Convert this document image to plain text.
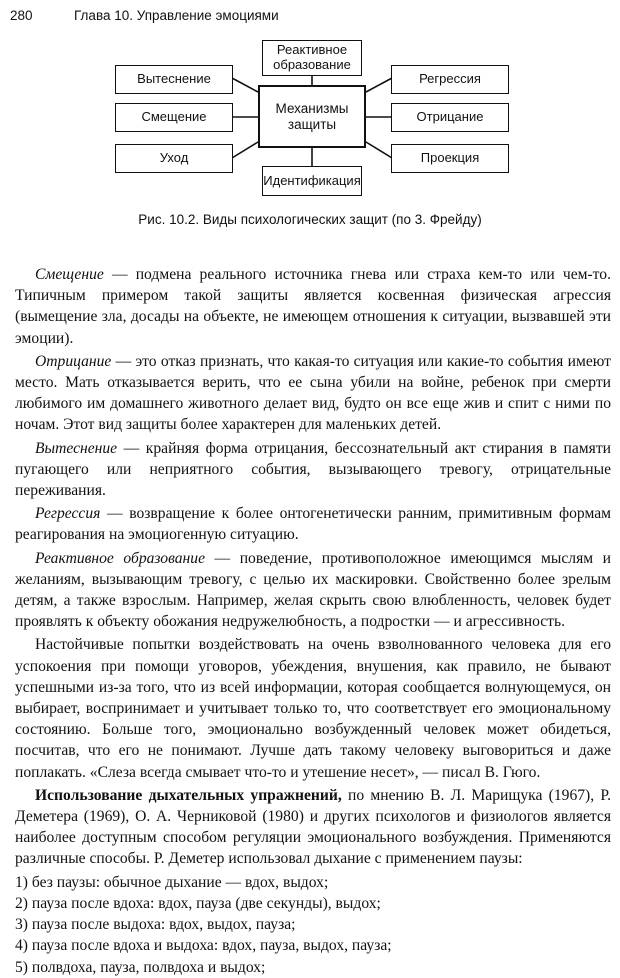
280	Глава 10. Управление эмоциями
Механизмы защиты
Реактивное образование
Идентификация
Вытеснение
Смещение
Уход
Регрессия
Отрицание
Проекция
Рис. 10.2. Виды психологических защит (по 3. Фрейду)

Смещение — подмена реального источника гнева или страха кем-то или чем-то. Типичным примером такой защиты является косвенная физическая агрессия (вымещение зла, досады на объекте, не имеющем отношения к ситуации, вызвавшей эти эмоции).

Отрицание — это отказ признать, что какая-то ситуация или какие-то события имеют место. Мать отказывается верить, что ее сына убили на войне, ребенок при смерти любимого им домашнего животного делает вид, будто он все еще жив и спит с ними по ночам. Этот вид защиты более характерен для маленьких детей.

Вытеснение — крайняя форма отрицания, бессознательный акт стирания в памяти пугающего или неприятного события, вызывающего тревогу, отрицательные переживания.

Регрессия — возвращение к более онтогенетически ранним, примитивным формам реагирования на эмоциогенную ситуацию.

Реактивное образование — поведение, противоположное имеющимся мыслям и желаниям, вызывающим тревогу, с целью их маскировки. Свойственно более зрелым детям, а также взрослым. Например, желая скрыть свою влюбленность, человек будет проявлять к объекту обожания недружелюбность, а подростки — и агрессивность.

Настойчивые попытки воздействовать на очень взволнованного человека для его успокоения при помощи уговоров, убеждения, внушения, как правило, не бывают успешными из-за того, что из всей информации, которая сообщается волнующемуся, он выбирает, воспринимает и учитывает только то, что соответствует его эмоциональному состоянию. Больше того, эмоционально возбужденный человек может обидеться, посчитав, что его не понимают. Лучше дать такому человеку выговориться и даже поплакать. «Слеза всегда смывает что-то и утешение несет», — писал В. Гюго.

Использование дыхательных упражнений, по мнению В. Л. Марищука (1967), Р. Деметера (1969), О. А. Черниковой (1980) и других психологов и физиологов является наиболее доступным способом регуляции эмоционального возбуждения. Применяются различные способы. Р. Деметер использовал дыхание с применением паузы:

1) без паузы: обычное дыхание — вдох, выдох;

2) пауза после вдоха: вдох, пауза (две секунды), выдох;

3) пауза после выдоха: вдох, выдох, пауза;

4) пауза после вдоха и выдоха: вдох, пауза, выдох, пауза;

5) полвдоха, пауза, полвдоха и выдох;
